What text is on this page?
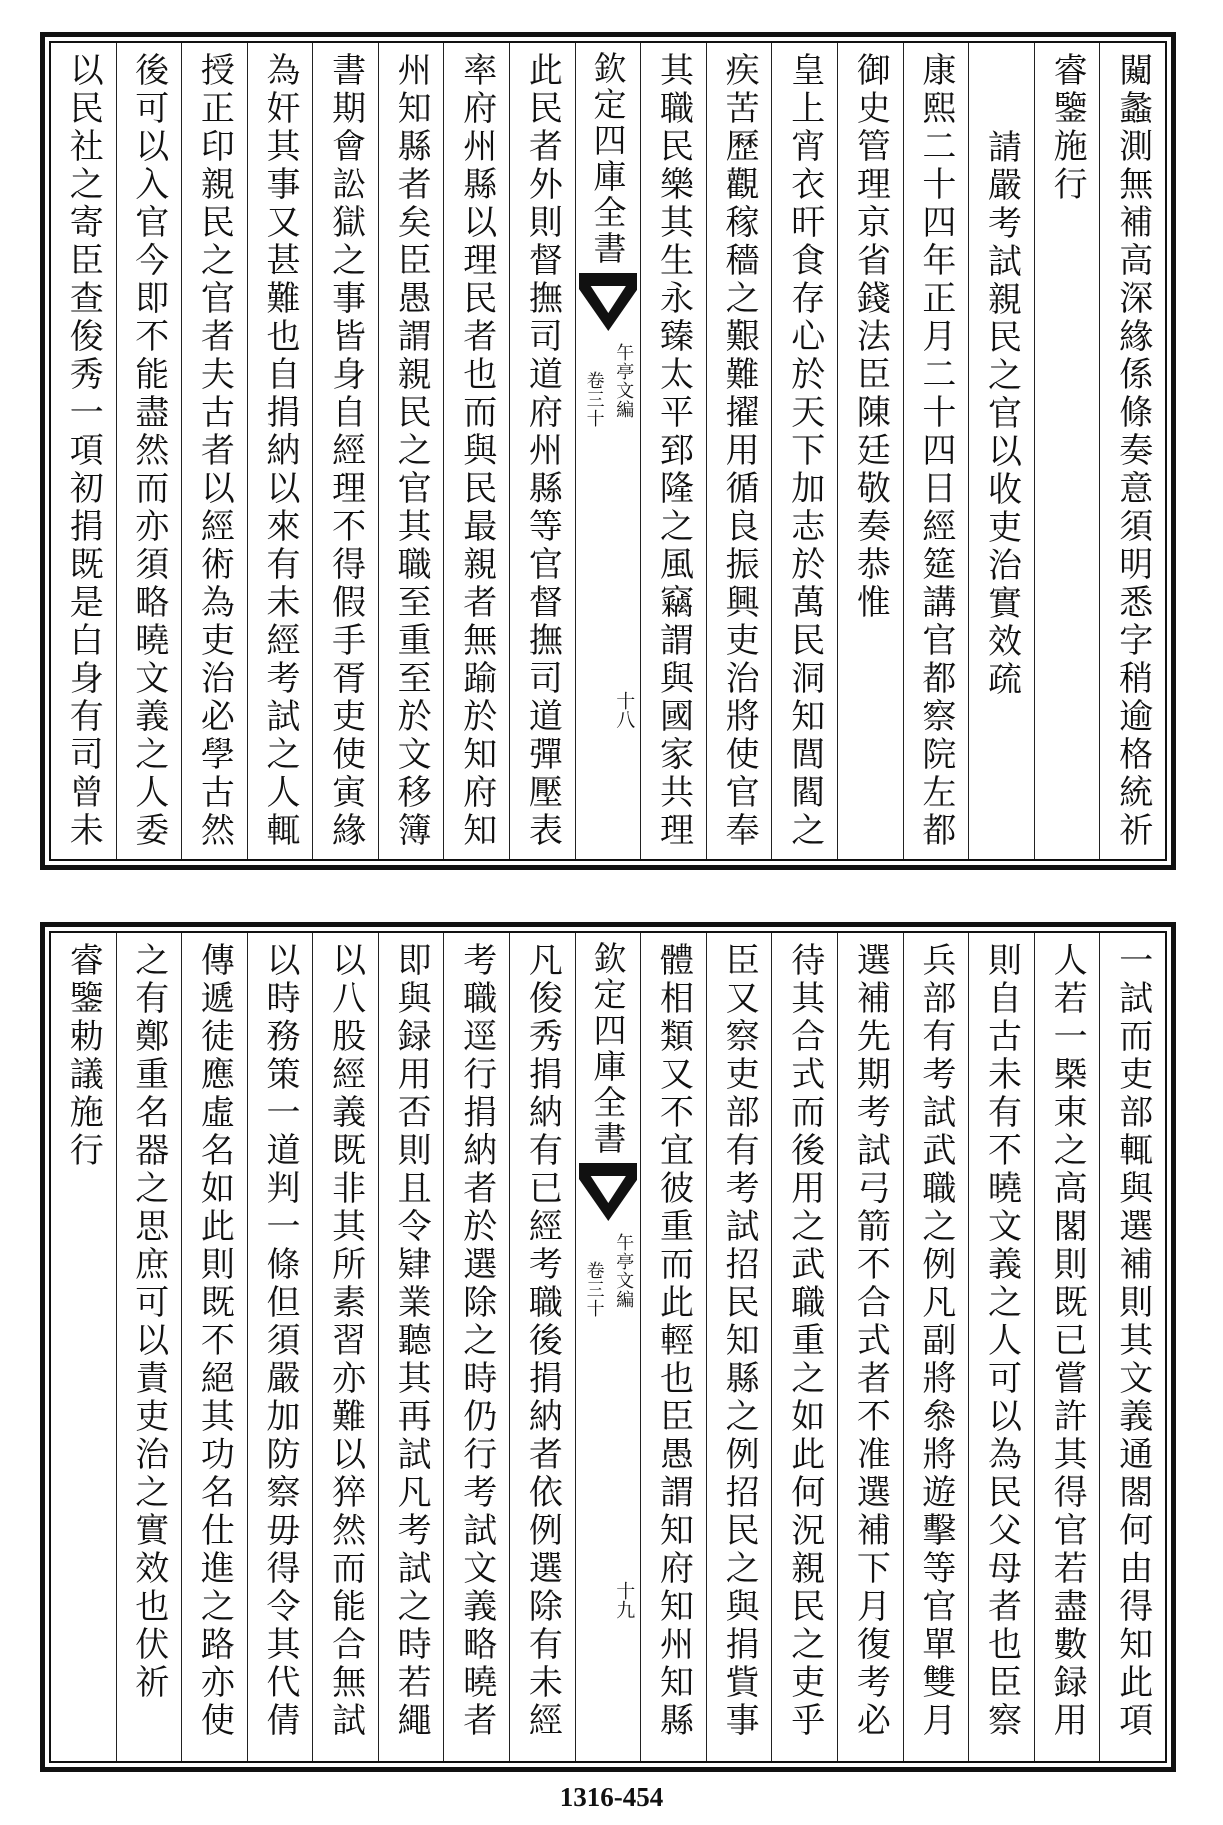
闚蠡測無補高深緣係條奏意須明悉字稍逾格統祈
睿鑒施行
請嚴考試親民之官以收吏治實效疏
康熙二十四年正月二十四日經筵講官都察院左都
御史管理京省錢法臣陳廷敬奏恭惟
皇上宵衣旰食存心於天下加志於萬民洞知閭閻之
疾苦歷觀稼穡之艱難擢用循良振興吏治將使官奉
其職民樂其生永臻太平郅隆之風竊謂與國家共理
欽定四庫全書
午亭文編
卷三十
十八
此民者外則督撫司道府州縣等官督撫司道彈壓表
率府州縣以理民者也而與民最親者無踰於知府知
州知縣者矣臣愚謂親民之官其職至重至於文移簿
書期會訟獄之事皆身自經理不得假手胥吏使寅緣
為奸其事又甚難也自捐納以來有未經考試之人輒
授正印親民之官者夫古者以經術為吏治必學古然
後可以入官今即不能盡然而亦須略曉文義之人委
以民社之寄臣查俊秀一項初捐既是白身有司曾未
一試而吏部輒與選補則其文義通閤何由得知此項
人若一槩束之高閣則既已嘗許其得官若盡數録用
則自古未有不曉文義之人可以為民父母者也臣察
兵部有考試武職之例凡副將叅將遊擊等官單雙月
選補先期考試弓箭不合式者不准選補下月復考必
待其合式而後用之武職重之如此何況親民之吏乎
臣又察吏部有考試招民知縣之例招民之與捐貲事
體相類又不宜彼重而此輕也臣愚謂知府知州知縣
欽定四庫全書
午亭文編
卷三十
十九
凡俊秀捐納有已經考職後捐納者依例選除有未經
考職逕行捐納者於選除之時仍行考試文義略曉者
即與録用否則且令肄業聽其再試凡考試之時若繩
以八股經義既非其所素習亦難以猝然而能合無試
以時務策一道判一條但須嚴加防察毋得令其代倩
傳遞徒應虛名如此則既不絕其功名仕進之路亦使
之有鄭重名器之思庶可以責吏治之實效也伏祈
睿鑒勅議施行
1316-454
